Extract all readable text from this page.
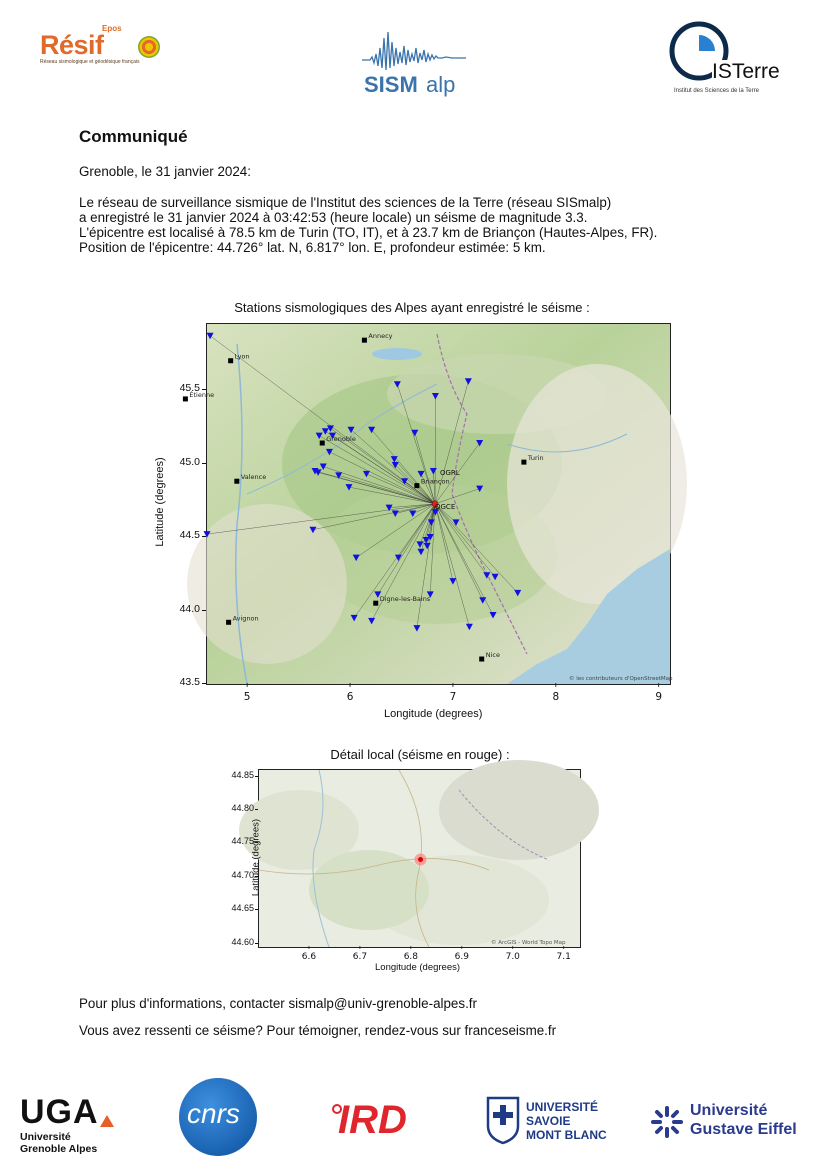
Epos
Résif
Réseau sismologique et géodésique français
SISM alp
ISTerre
Institut des Sciences de la Terre
Communiqué
Grenoble, le 31 janvier 2024:
Le réseau de surveillance sismique de l'Institut des sciences de la Terre (réseau SISmalp)
a enregistré le 31 janvier 2024 à 03:42:53 (heure locale) un séisme de magnitude 3.3.
L'épicentre est localisé à 78.5 km de Turin (TO, IT), et à 23.7 km de Briançon (Hautes-Alpes, FR).
Position de l'épicentre: 44.726° lat. N, 6.817° lon. E, profondeur estimée: 5 km.
Stations sismologiques des Alpes ayant enregistré le séisme :
Lyon
Annecy
Grenoble
Valence
Briançon
Turin
Digne-les-Bains
Avignon
Nice
Étienne
OGRL
OGCE
© les contributeurs d'OpenStreetMap
5	6	7	8	9
43.5
44.0
44.5
45.0
45.5
Longitude (degrees)
Latitude (degrees)
Détail local (séisme en rouge) :
© ArcGIS - World Topo Map
6.6	6.7	6.8	6.9	7.0	7.1
44.60
44.65
44.70
44.75
44.80
44.85
Longitude (degrees)
Latitude (degrees)
Pour plus d'informations, contacter sismalp@univ-grenoble-alpes.fr
Vous avez ressenti ce séisme? Pour témoigner, rendez-vous sur franceseisme.fr
UGA
Université
Grenoble Alpes
cnrs IRD	UNIVERSITÉ
SAVOIE
MONT BLANC
Université
Gustave Eiffel
